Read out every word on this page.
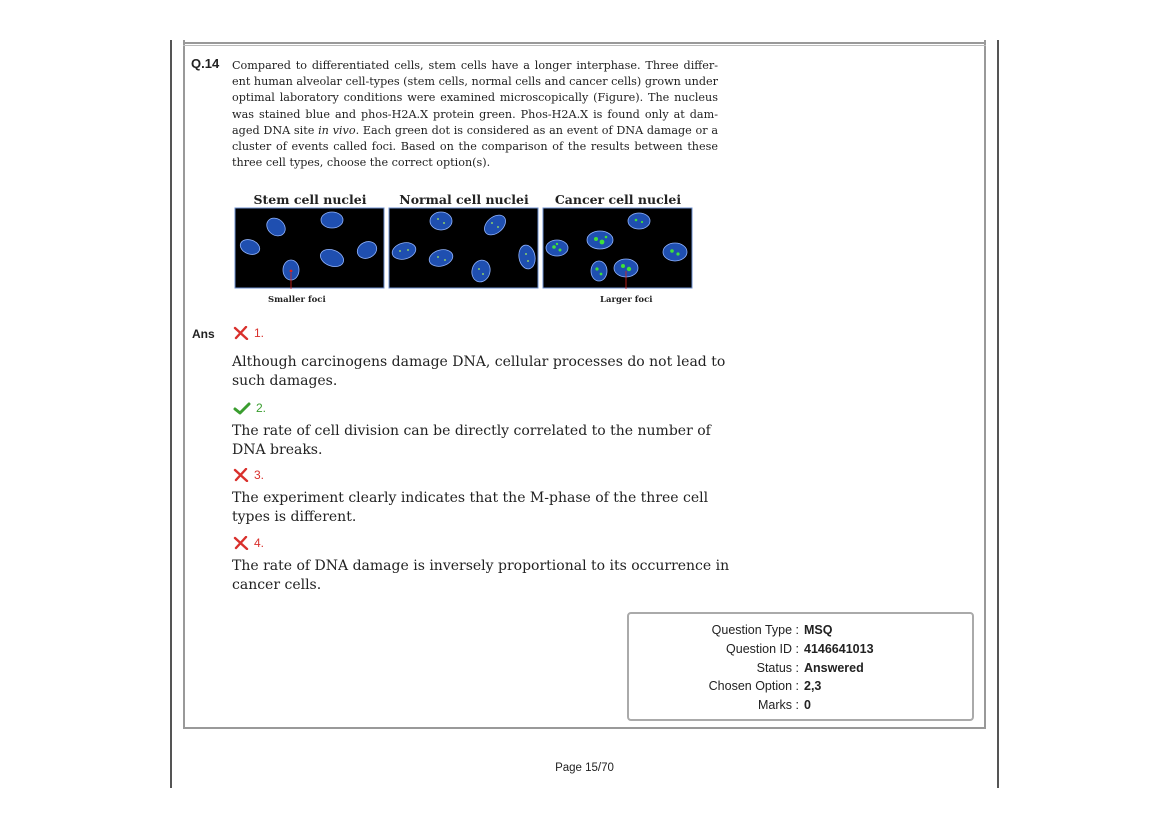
Q.14 Compared to differentiated cells, stem cells have a longer interphase. Three differ-ent human alveolar cell-types (stem cells, normal cells and cancer cells) grown under optimal laboratory conditions were examined microscopically (Figure). The nucleus was stained blue and phos-H2A.X protein green. Phos-H2A.X is found only at dam-aged DNA site in vivo. Each green dot is considered as an event of DNA damage or a cluster of events called foci. Based on the comparison of the results between these three cell types, choose the correct option(s).
Stem cell nuclei	Normal cell nuclei	Cancer cell nuclei
Smaller foci	Larger foci
Ans	1.
Although carcinogens damage DNA, cellular processes do not lead to such damages.
2.
The rate of cell division can be directly correlated to the number of DNA breaks.
3.
The experiment clearly indicates that the M-phase of the three cell types is different.
4.
The rate of DNA damage is inversely proportional to its occurrence in cancer cells.
Question Type : MSQ
Question ID : 4146641013
Status : Answered
Chosen Option : 2,3
Marks : 0
Page 15/70
